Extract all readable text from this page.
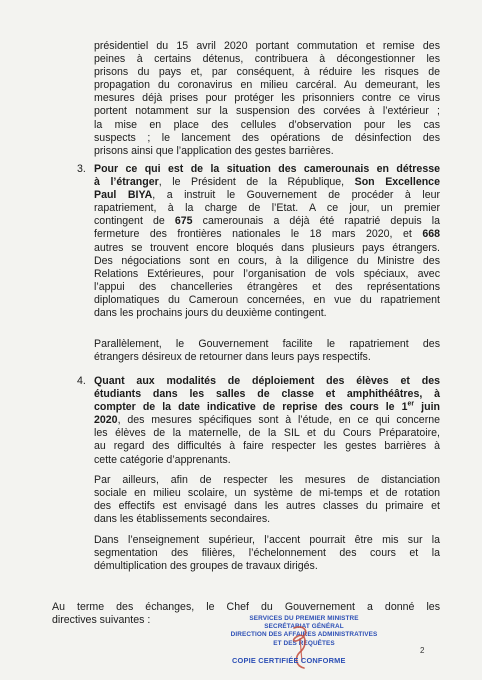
présidentiel du 15 avril 2020 portant commutation et remise des
peines à certains détenus, contribuera à décongestionner les
prisons du pays et, par conséquent, à réduire les risques de
propagation du coronavirus en milieu carcéral. Au demeurant, les
mesures déjà prises pour protéger les prisonniers contre ce virus
portent notamment sur la suspension des corvées à l’extérieur ;
la mise en place des cellules d’observation pour les cas
suspects ; le lancement des opérations de désinfection des
prisons ainsi que l’application des gestes barrières.
3. Pour ce qui est de la situation des camerounais en détresse
à l’étranger, le Président de la République, Son Excellence
Paul BIYA, a instruit le Gouvernement de procéder à leur
rapatriement, à la charge de l’Etat. A ce jour, un premier
contingent de 675 camerounais a déjà été rapatrié depuis la
fermeture des frontières nationales le 18 mars 2020, et 668
autres se trouvent encore bloqués dans plusieurs pays étrangers.
Des négociations sont en cours, à la diligence du Ministre des
Relations Extérieures, pour l’organisation de vols spéciaux, avec
l’appui des chancelleries étrangères et des représentations
diplomatiques du Cameroun concernées, en vue du rapatriement
dans les prochains jours du deuxième contingent.
Parallèlement, le Gouvernement facilite le rapatriement des
étrangers désireux de retourner dans leurs pays respectifs.
4. Quant aux modalités de déploiement des élèves et des
étudiants dans les salles de classe et amphithéâtres, à
compter de la date indicative de reprise des cours le 1er juin
2020, des mesures spécifiques sont à l’étude, en ce qui concerne
les élèves de la maternelle, de la SIL et du Cours Préparatoire,
au regard des difficultés à faire respecter les gestes barrières à
cette catégorie d’apprenants.
Par ailleurs, afin de respecter les mesures de distanciation
sociale en milieu scolaire, un système de mi-temps et de rotation
des effectifs est envisagé dans les autres classes du primaire et
dans les établissements secondaires.
Dans l’enseignement supérieur, l’accent pourrait être mis sur la
segmentation des filières, l’échelonnement des cours et la
démultiplication des groupes de travaux dirigés.
Au terme des échanges, le Chef du Gouvernement a donné les
directives suivantes :	SERVICES DU PREMIER MINISTRE
SECRÉTARIAT GÉNÉRAL
DIRECTION DES AFFAIRES ADMINISTRATIVES
ET DES REQUÊTES
COPIE CERTIFIÉE CONFORME
2
